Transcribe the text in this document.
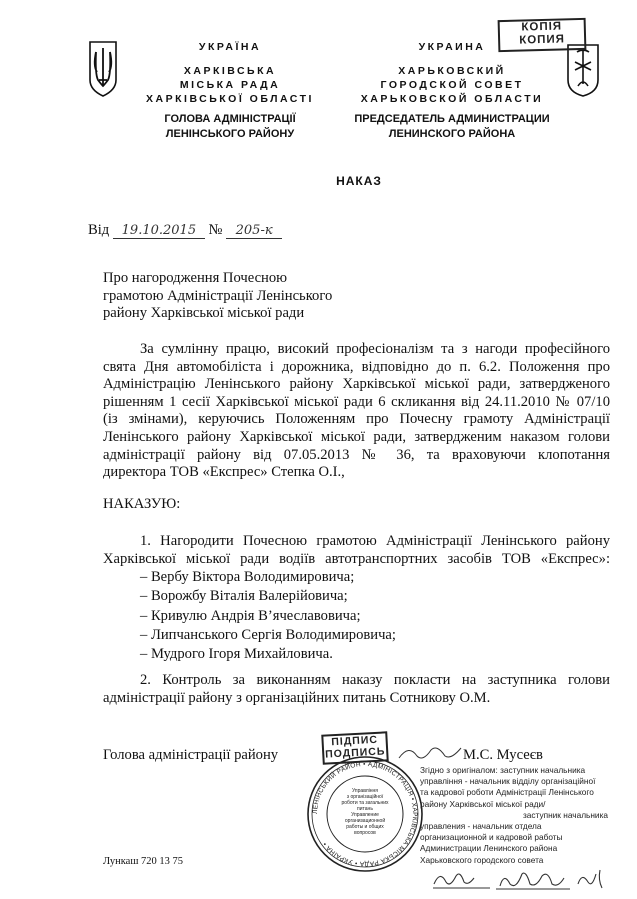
КОПІЯ
КОПИЯ
УКРАЇНА
ХАРКІВСЬКА
МІСЬКА РАДА
ХАРКІВСЬКОЇ ОБЛАСТІ
ГОЛОВА АДМІНІСТРАЦІЇ
ЛЕНІНСЬКОГО РАЙОНУ
УКРАИНА
ХАРЬКОВСКИЙ
ГОРОДСКОЙ СОВЕТ
ХАРЬКОВСКОЙ ОБЛАСТИ
ПРЕДСЕДАТЕЛЬ АДМИНИСТРАЦИИ
ЛЕНИНСКОГО РАЙОНА
НАКАЗ
Від 19.10.2015 № 205-к
Про нагородження Почесною
грамотою Адміністрації Ленінського
району Харківської міської ради
За сумлінну працю, високий професіоналізм та з нагоди професійного
свята Дня автомобіліста і дорожника, відповідно до п. 6.2. Положення про
Адміністрацію Ленінського району Харківської міської ради, затвердженого
рішенням 1 сесії Харківської міської ради 6 скликання від 24.11.2010 № 07/10
(із змінами), керуючись Положенням про Почесну грамоту Адміністрації
Ленінського району Харківської міської ради, затвердженим наказом голови
адміністрації району від 07.05.2013 № 36, та враховуючи клопотання
директора ТОВ «Експрес» Степка О.І.,
НАКАЗУЮ:
1. Нагородити Почесною грамотою Адміністрації Ленінського району
Харківської міської ради водіїв автотранспортних засобів ТОВ «Експрес»:
– Вербу Віктора Володимировича;
– Ворожбу Віталія Валерійовича;
– Кривулю Андрія В’ячеславовича;
– Липчанського Сергія Володимировича;
– Мудрого Ігоря Михайловича.
2. Контроль за виконанням наказу покласти на заступника голови
адміністрації району з організаційних питань Сотникову О.М.
Голова адміністрації району	М.С. Мусеєв
ПІДПИС
ПОДПИСЬ
ЛЕНІНСЬКИЙ РАЙОН • АДМІНІСТРАЦІЯ • ХАРКІВСЬКА МІСЬКА РАДА • УКРАЇНА •
Управління
з організаційної
роботи та загальних
питань
Управление
организационной
работы и общих
вопросов
Згідно з оригіналом: заступник начальника
управління - начальник відділу організаційної
та кадрової роботи Адміністрації Ленінського
району Харківської міської ради/
заступник начальника
управления - начальник отдела
организационной и кадровой работы
Администрации Ленинского района
Харьковского городского совета
Лункаш 720 13 75
